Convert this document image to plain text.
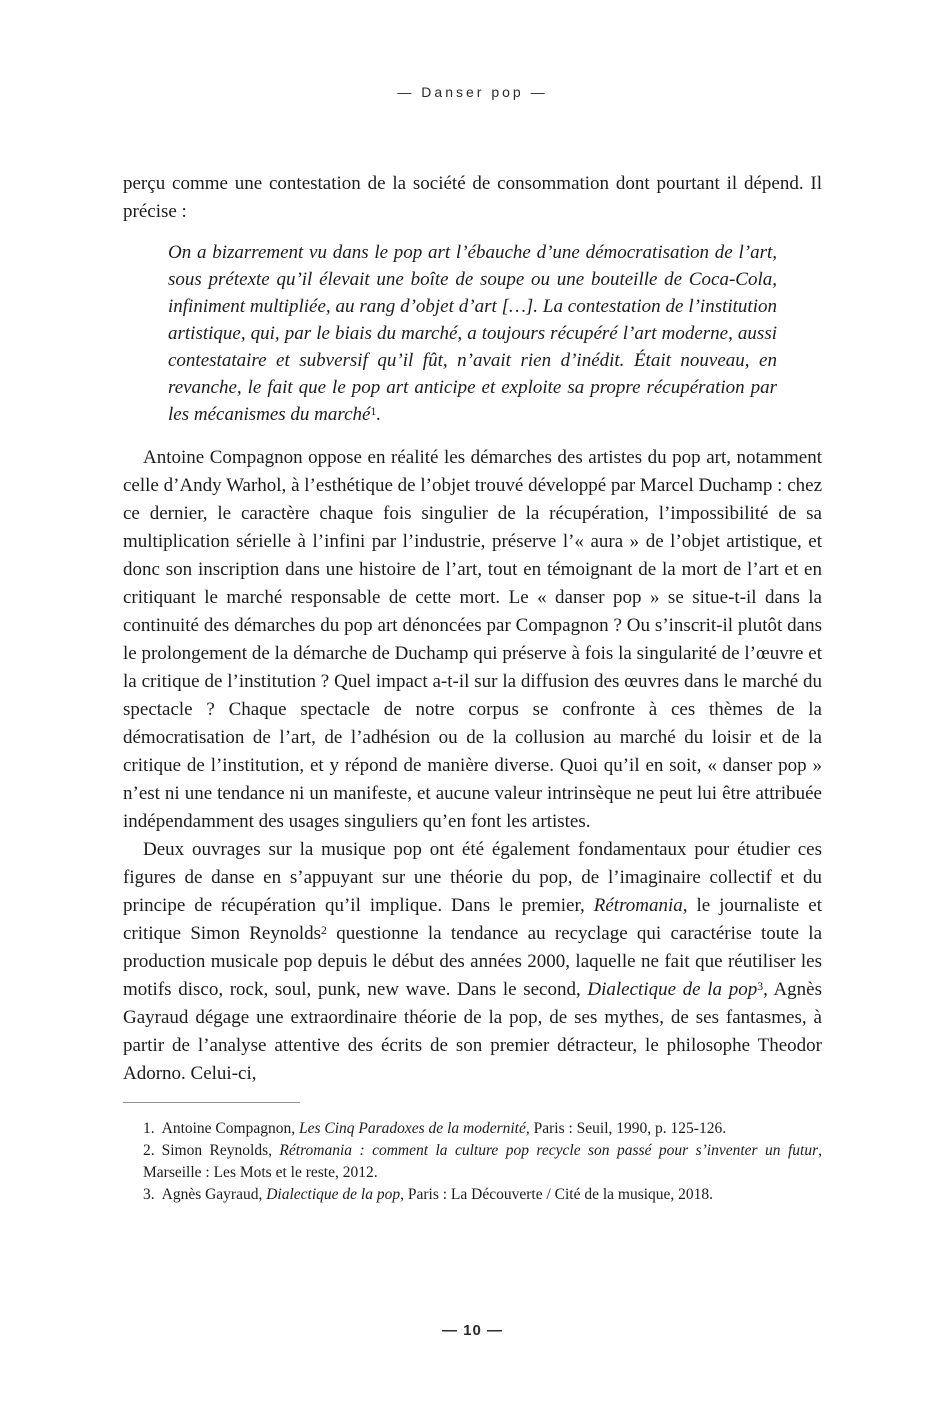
— Danser pop —

perçu comme une contestation de la société de consommation dont pourtant il dépend. Il précise :

On a bizarrement vu dans le pop art l’ébauche d’une démocratisation de l’art, sous prétexte qu’il élevait une boîte de soupe ou une bouteille de Coca-Cola, infiniment multipliée, au rang d’objet d’art […]. La contestation de l’institution artistique, qui, par le biais du marché, a toujours récupéré l’art moderne, aussi contestataire et subversif qu’il fût, n’avait rien d’inédit. Était nouveau, en revanche, le fait que le pop art anticipe et exploite sa propre récupération par les mécanismes du marché$^1$.

Antoine Compagnon oppose en réalité les démarches des artistes du pop art, notamment celle d’Andy Warhol, à l’esthétique de l’objet trouvé développé par Marcel Duchamp : chez ce dernier, le caractère chaque fois singulier de la récupération, l’impossibilité de sa multiplication sérielle à l’infini par l’industrie, préserve l’« aura » de l’objet artistique, et donc son inscription dans une histoire de l’art, tout en témoignant de la mort de l’art et en critiquant le marché responsable de cette mort. Le « danser pop » se situe-t-il dans la continuité des démarches du pop art dénoncées par Compagnon ? Ou s’inscrit-il plutôt dans le prolongement de la démarche de Duchamp qui préserve à fois la singularité de l’œuvre et la critique de l’institution ? Quel impact a-t-il sur la diffusion des œuvres dans le marché du spectacle ? Chaque spectacle de notre corpus se confronte à ces thèmes de la démocratisation de l’art, de l’adhésion ou de la collusion au marché du loisir et de la critique de l’institution, et y répond de manière diverse. Quoi qu’il en soit, « danser pop » n’est ni une tendance ni un manifeste, et aucune valeur intrinsèque ne peut lui être attribuée indépendamment des usages singuliers qu’en font les artistes.

Deux ouvrages sur la musique pop ont été également fondamentaux pour étudier ces figures de danse en s’appuyant sur une théorie du pop, de l’imaginaire collectif et du principe de récupération qu’il implique. Dans le premier, Rétromania, le journaliste et critique Simon Reynolds$^2$ questionne la tendance au recyclage qui caractérise toute la production musicale pop depuis le début des années 2000, laquelle ne fait que réutiliser les motifs disco, rock, soul, punk, new wave. Dans le second, Dialectique de la pop$^3$, Agnès Gayraud dégage une extraordinaire théorie de la pop, de ses mythes, de ses fantasmes, à partir de l’analyse attentive des écrits de son premier détracteur, le philosophe Theodor Adorno. Celui-ci,

1. Antoine Compagnon, Les Cinq Paradoxes de la modernité, Paris : Seuil, 1990, p. 125-126.

2. Simon Reynolds, Rétromania : comment la culture pop recycle son passé pour s’inventer un futur, Marseille : Les Mots et le reste, 2012.

3. Agnès Gayraud, Dialectique de la pop, Paris : La Découverte / Cité de la musique, 2018.

— 10 —
